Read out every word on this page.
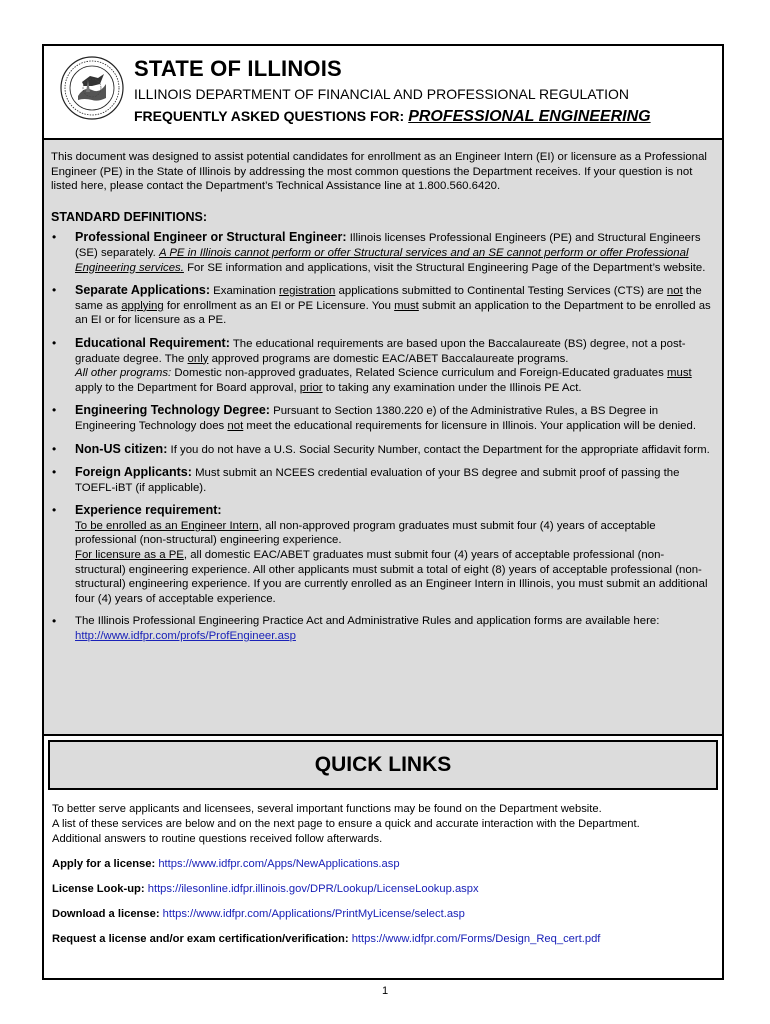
STATE OF ILLINOIS
ILLINOIS DEPARTMENT OF FINANCIAL AND PROFESSIONAL REGULATION
FREQUENTLY ASKED QUESTIONS FOR: PROFESSIONAL ENGINEERING

This document was designed to assist potential candidates for enrollment as an Engineer Intern (EI) or licensure as a Professional Engineer (PE) in the State of Illinois by addressing the most common questions the Department receives. If your question is not listed here, please contact the Department’s Technical Assistance line at 1.800.560.6420.

STANDARD DEFINITIONS:

• Professional Engineer or Structural Engineer: Illinois licenses Professional Engineers (PE) and Structural Engineers (SE) separately. A PE in Illinois cannot perform or offer Structural services and an SE cannot perform or offer Professional Engineering services. For SE information and applications, visit the Structural Engineering Page of the Department’s website.
• Separate Applications: Examination registration applications submitted to Continental Testing Services (CTS) are not the same as applying for enrollment as an EI or PE Licensure. You must submit an application to the Department to be enrolled as an EI or for licensure as a PE.
• Educational Requirement: The educational requirements are based upon the Baccalaureate (BS) degree, not a post-graduate degree. The only approved programs are domestic EAC/ABET Baccalaureate programs.
All other programs: Domestic non-approved graduates, Related Science curriculum and Foreign-Educated graduates must apply to the Department for Board approval, prior to taking any examination under the Illinois PE Act.
• Engineering Technology Degree: Pursuant to Section 1380.220 e) of the Administrative Rules, a BS Degree in Engineering Technology does not meet the educational requirements for licensure in Illinois. Your application will be denied.
• Non-US citizen: If you do not have a U.S. Social Security Number, contact the Department for the appropriate affidavit form.
• Foreign Applicants: Must submit an NCEES credential evaluation of your BS degree and submit proof of passing the TOEFL-iBT (if applicable).
• Experience requirement:
To be enrolled as an Engineer Intern, all non-approved program graduates must submit four (4) years of acceptable professional (non-structural) engineering experience.
For licensure as a PE, all domestic EAC/ABET graduates must submit four (4) years of acceptable professional (non-structural) engineering experience. All other applicants must submit a total of eight (8) years of acceptable professional (non-structural) engineering experience. If you are currently enrolled as an Engineer Intern in Illinois, you must submit an additional four (4) years of acceptable experience.
• The Illinois Professional Engineering Practice Act and Administrative Rules and application forms are available here: http://www.idfpr.com/profs/ProfEngineer.asp
QUICK LINKS

To better serve applicants and licensees, several important functions may be found on the Department website.

A list of these services are below and on the next page to ensure a quick and accurate interaction with the Department.

Additional answers to routine questions received follow afterwards.

Apply for a license: https://www.idfpr.com/Apps/NewApplications.asp

License Look-up: https://ilesonline.idfpr.illinois.gov/DPR/Lookup/LicenseLookup.aspx

Download a license: https://www.idfpr.com/Applications/PrintMyLicense/select.asp

Request a license and/or exam certification/verification: https://www.idfpr.com/Forms/Design_Req_cert.pdf

1
